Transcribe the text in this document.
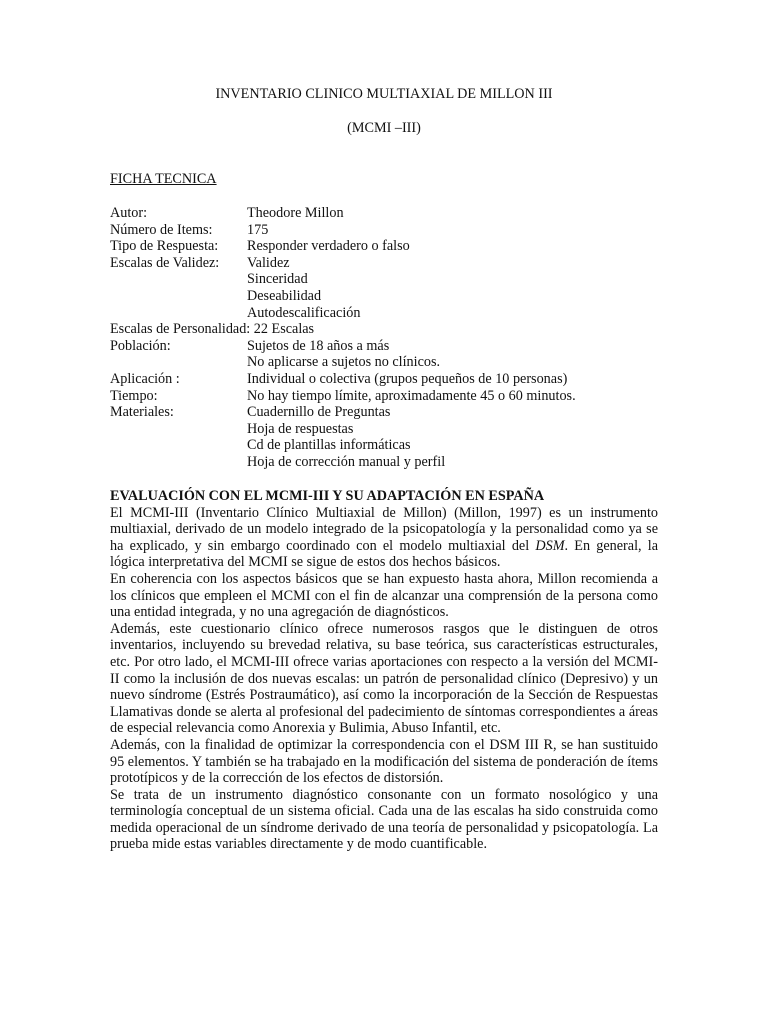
INVENTARIO CLINICO MULTIAXIAL DE MILLON III
(MCMI –III)
FICHA TECNICA
Autor:	Theodore Millon
Número de Items:	175
Tipo de Respuesta:	Responder verdadero o falso
Escalas de Validez:	Validez
Sinceridad
Deseabilidad
Autodescalificación
Escalas de Personalidad: 22 Escalas
Población:	Sujetos de 18 años a más
No aplicarse a sujetos no clínicos.
Aplicación :	Individual o colectiva (grupos pequeños de 10 personas)
Tiempo:	No hay tiempo límite, aproximadamente 45 o 60 minutos.
Materiales:	Cuadernillo de Preguntas
Hoja de respuestas
Cd de plantillas informáticas
Hoja de corrección manual y perfil
EVALUACIÓN CON EL MCMI-III Y SU ADAPTACIÓN EN ESPAÑA

El MCMI-III (Inventario Clínico Multiaxial de Millon) (Millon, 1997) es un instrumento multiaxial, derivado de un modelo integrado de la psicopatología y la personalidad como ya se ha explicado, y sin embargo coordinado con el modelo multiaxial del DSM. En general, la lógica interpretativa del MCMI se sigue de estos dos hechos básicos.

En coherencia con los aspectos básicos que se han expuesto hasta ahora, Millon recomienda a los clínicos que empleen el MCMI con el fin de alcanzar una comprensión de la persona como una entidad integrada, y no una agregación de diagnósticos.

Además, este cuestionario clínico ofrece numerosos rasgos que le distinguen de otros inventarios, incluyendo su brevedad relativa, su base teórica, sus características estructurales, etc. Por otro lado, el MCMI-III ofrece varias aportaciones con respecto a la versión del MCMI-II como la inclusión de dos nuevas escalas: un patrón de personalidad clínico (Depresivo) y un nuevo síndrome (Estrés Postraumático), así como la incorporación de la Sección de Respuestas Llamativas donde se alerta al profesional del padecimiento de síntomas correspondientes a áreas de especial relevancia como Anorexia y Bulimia, Abuso Infantil, etc.

Además, con la finalidad de optimizar la correspondencia con el DSM III R, se han sustituido 95 elementos. Y también se ha trabajado en la modificación del sistema de ponderación de ítems prototípicos y de la corrección de los efectos de distorsión.

Se trata de un instrumento diagnóstico consonante con un formato nosológico y una terminología conceptual de un sistema oficial. Cada una de las escalas ha sido construida como medida operacional de un síndrome derivado de una teoría de personalidad y psicopatología. La prueba mide estas variables directamente y de modo cuantificable.
